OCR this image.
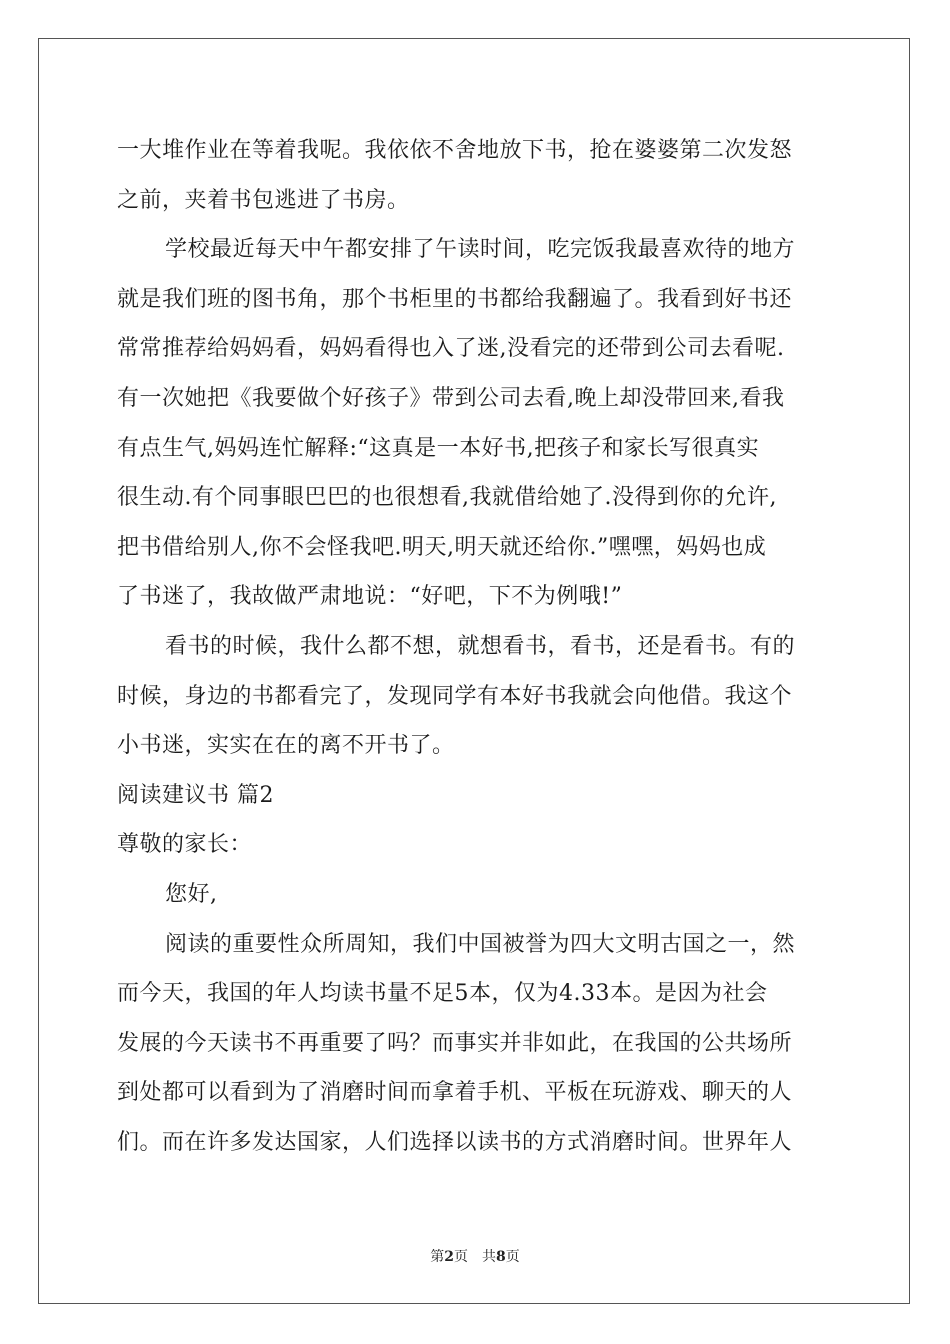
一大堆作业在等着我呢。我依依不舍地放下书，抢在婆婆第二次发怒
之前，夹着书包逃进了书房。
学校最近每天中午都安排了午读时间，吃完饭我最喜欢待的地方
就是我们班的图书角，那个书柜里的书都给我翻遍了。我看到好书还
常常推荐给妈妈看，妈妈看得也入了迷,没看完的还带到公司去看呢.
有一次她把《我要做个好孩子》带到公司去看,晚上却没带回来,看我
有点生气,妈妈连忙解释:“这真是一本好书,把孩子和家长写很真实
很生动.有个同事眼巴巴的也很想看,我就借给她了.没得到你的允许,
把书借给别人,你不会怪我吧.明天,明天就还给你.”嘿嘿，妈妈也成
了书迷了，我故做严肃地说：“好吧，下不为例哦!”
看书的时候，我什么都不想，就想看书，看书，还是看书。有的
时候，身边的书都看完了，发现同学有本好书我就会向他借。我这个
小书迷，实实在在的离不开书了。
阅读建议书 篇2
尊敬的家长：
您好,
阅读的重要性众所周知，我们中国被誉为四大文明古国之一，然
而今天，我国的年人均读书量不足5本，仅为4.33本。是因为社会
发展的今天读书不再重要了吗？而事实并非如此，在我国的公共场所
到处都可以看到为了消磨时间而拿着手机、平板在玩游戏、聊天的人
们。而在许多发达国家，人们选择以读书的方式消磨时间。世界年人
第2页 共8页
